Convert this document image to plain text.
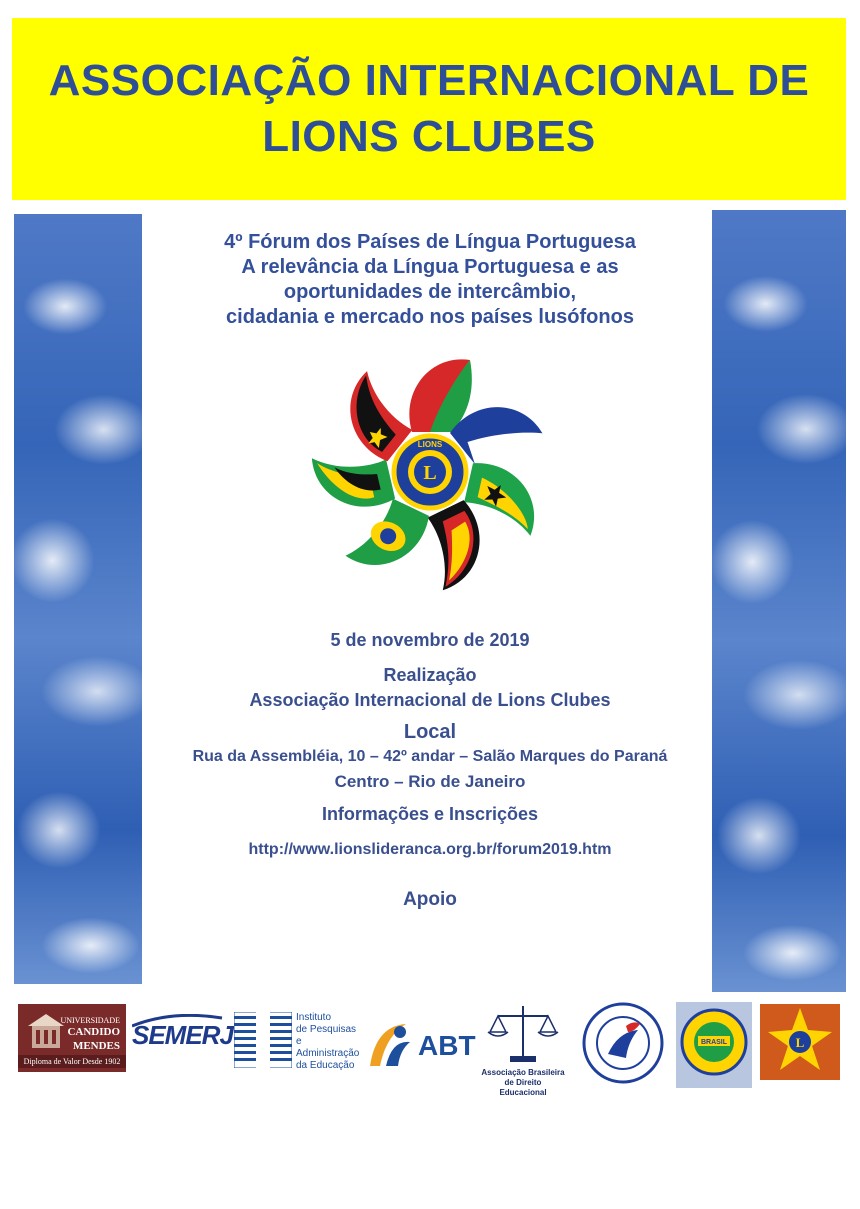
ASSOCIAÇÃO INTERNACIONAL DE
LIONS CLUBES
4º Fórum dos Países de Língua Portuguesa
A relevância da Língua Portuguesa e as
oportunidades de intercâmbio,
cidadania e mercado nos países lusófonos
L
LIONS
5 de novembro de 2019
Realização
Associação Internacional de Lions Clubes
Local
Rua da Assembléia, 10 – 42º andar – Salão Marques do Paraná
Centro – Rio de Janeiro
Informações e Inscrições
http://www.lionslideranca.org.br/forum2019.htm
Apoio
UNIVERSIDADE
CANDIDO
MENDES
Diploma de Valor Desde 1902
SEMERJ
Instituto
de Pesquisas
e Administração
da Educação
ABT
Associação Brasileira de Direito
Educacional
BRASIL	L
